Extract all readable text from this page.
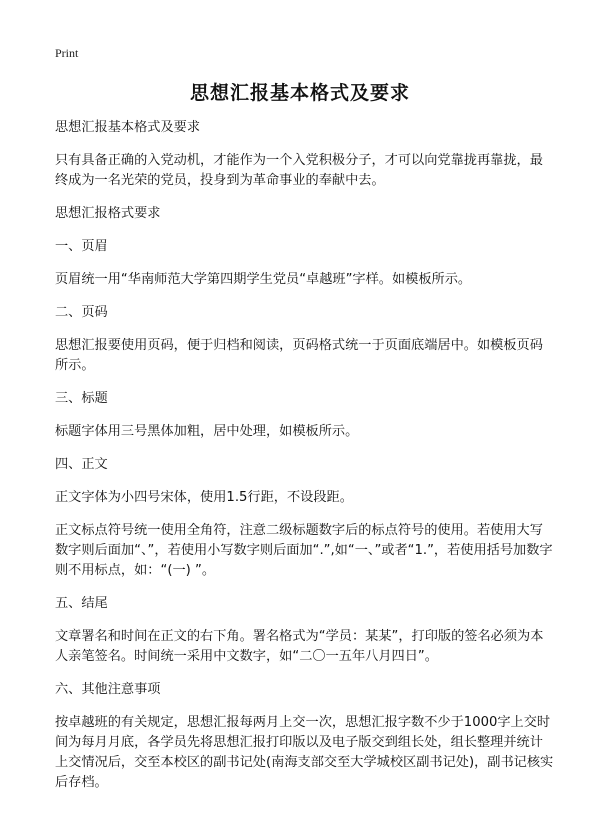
Print
思想汇报基本格式及要求

思想汇报基本格式及要求

只有具备正确的入党动机，才能作为一个入党积极分子，才可以向党靠拢再靠拢，最终成为一名光荣的党员，投身到为革命事业的奉献中去。

思想汇报格式要求

一、页眉

页眉统一用“华南师范大学第四期学生党员“卓越班”字样。如模板所示。

二、页码

思想汇报要使用页码，便于归档和阅读，页码格式统一于页面底端居中。如模板页码所示。

三、标题

标题字体用三号黑体加粗，居中处理，如模板所示。

四、正文

正文字体为小四号宋体，使用1.5行距，不设段距。

正文标点符号统一使用全角符，注意二级标题数字后的标点符号的使用。若使用大写数字则后面加“、”，若使用小写数字则后面加“.”,如“一、”或者“1.”，若使用括号加数字则不用标点，如：“(一) ”。

五、结尾

文章署名和时间在正文的右下角。署名格式为“学员：某某”，打印版的签名必须为本人亲笔签名。时间统一采用中文数字，如“二〇一五年八月四日”。

六、其他注意事项

按卓越班的有关规定，思想汇报每两月上交一次，思想汇报字数不少于1000字上交时间为每月月底，各学员先将思想汇报打印版以及电子版交到组长处，组长整理并统计上交情况后，交至本校区的副书记处(南海支部交至大学城校区副书记处)，副书记核实后存档。
